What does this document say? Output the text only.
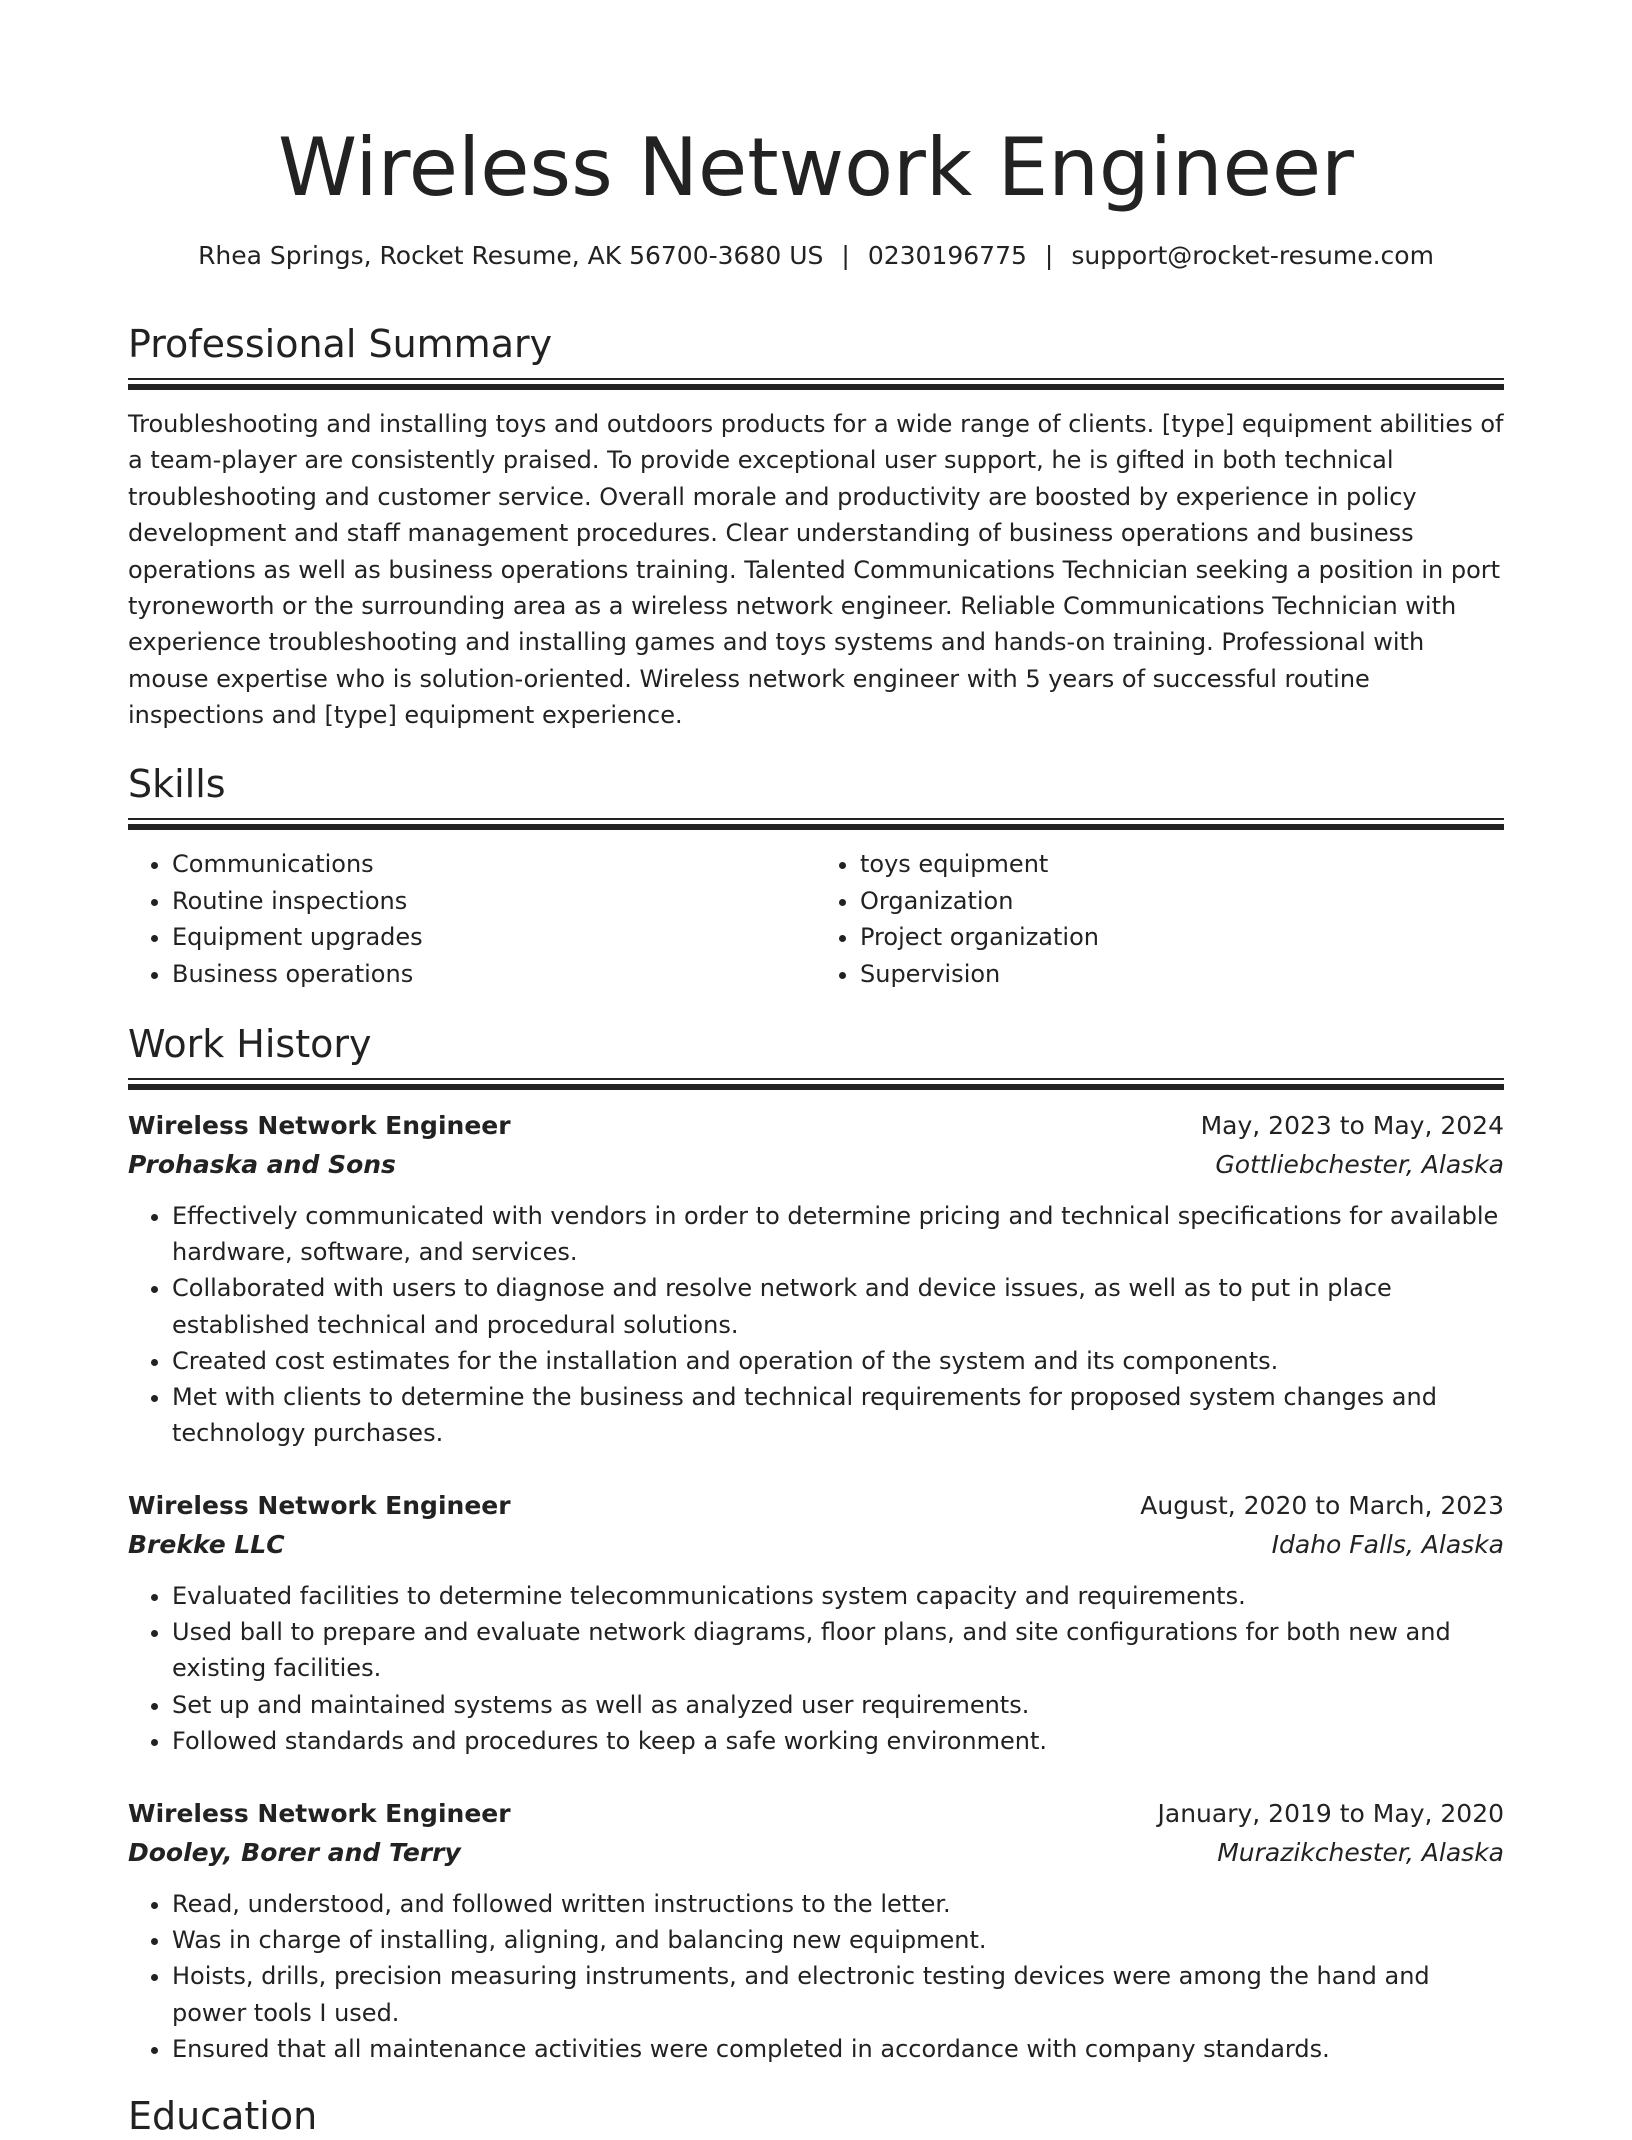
Wireless Network Engineer
Rhea Springs, Rocket Resume, AK 56700-3680 US | 0230196775 | support@rocket-resume.com
Professional Summary

Troubleshooting and installing toys and outdoors products for a wide range of clients. [type] equipment abilities of a team-player are consistently praised. To provide exceptional user support, he is gifted in both technical troubleshooting and customer service. Overall morale and productivity are boosted by experience in policy development and staff management procedures. Clear understanding of business operations and business operations as well as business operations training. Talented Communications Technician seeking a position in port tyroneworth or the surrounding area as a wireless network engineer. Reliable Communications Technician with experience troubleshooting and installing games and toys systems and hands-on training. Professional with mouse expertise who is solution-oriented. Wireless network engineer with 5 years of successful routine inspections and [type] equipment experience.

Skills
• Communications
• Routine inspections
• Equipment upgrades
• Business operations
• toys equipment
• Organization
• Project organization
• Supervision
Work History
Wireless Network Engineer	May, 2023 to May, 2024
Prohaska and Sons	Gottliebchester, Alaska
• Effectively communicated with vendors in order to determine pricing and technical specifications for available hardware, software, and services.
• Collaborated with users to diagnose and resolve network and device issues, as well as to put in place established technical and procedural solutions.
• Created cost estimates for the installation and operation of the system and its components.
• Met with clients to determine the business and technical requirements for proposed system changes and technology purchases.
Wireless Network Engineer	August, 2020 to March, 2023
Brekke LLC	Idaho Falls, Alaska
• Evaluated facilities to determine telecommunications system capacity and requirements.
• Used ball to prepare and evaluate network diagrams, floor plans, and site configurations for both new and existing facilities.
• Set up and maintained systems as well as analyzed user requirements.
• Followed standards and procedures to keep a safe working environment.
Wireless Network Engineer	January, 2019 to May, 2020
Dooley, Borer and Terry	Murazikchester, Alaska
• Read, understood, and followed written instructions to the letter.
• Was in charge of installing, aligning, and balancing new equipment.
• Hoists, drills, precision measuring instruments, and electronic testing devices were among the hand and power tools I used.
• Ensured that all maintenance activities were completed in accordance with company standards.
Education
